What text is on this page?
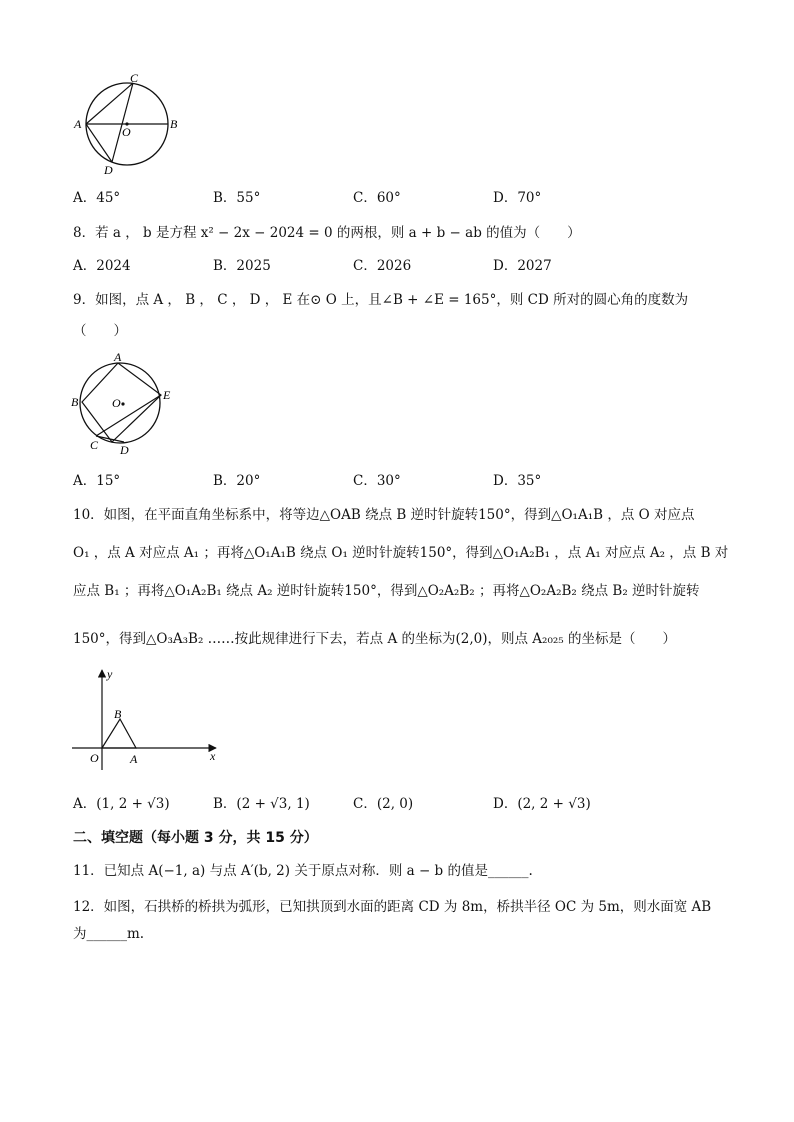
A	B
C
D
O
A．45°	B．55°	C．60°	D．70°
8．若 a ， b 是方程 x² − 2x − 2024 = 0 的两根，则 a + b − ab 的值为（　　）
A．2024	B．2025	C．2026	D．2027
9．如图，点 A ， B ， C ， D ， E 在⊙ O 上，且∠B + ∠E = 165°，则 CD 所对的圆心角的度数为
（　　）
A
B
C D
E
O
A．15°	B．20°	C．30°	D．35°
10．如图，在平面直角坐标系中，将等边△OAB 绕点 B 逆时针旋转150°，得到△O₁A₁B ，点 O 对应点
O₁ ，点 A 对应点 A₁ ；再将△O₁A₁B 绕点 O₁ 逆时针旋转150°，得到△O₁A₂B₁ ，点 A₁ 对应点 A₂ ，点 B 对
应点 B₁ ；再将△O₁A₂B₁ 绕点 A₂ 逆时针旋转150°，得到△O₂A₂B₂ ；再将△O₂A₂B₂ 绕点 B₂ 逆时针旋转
150°，得到△O₃A₃B₂ ……按此规律进行下去，若点 A 的坐标为(2,0)，则点 A₂₀₂₅ 的坐标是（　　）
y
x
O	A
B
A．(1, 2 + √3)	B．(2 + √3, 1)	C．(2, 0)	D．(2, 2 + √3)
二、填空题（每小题 3 分，共 15 分）
11．已知点 A(−1, a) 与点 A′(b, 2) 关于原点对称．则 a − b 的值是______.
12．如图，石拱桥的桥拱为弧形，已知拱顶到水面的距离 CD 为 8m，桥拱半径 OC 为 5m，则水面宽 AB
为______m.
